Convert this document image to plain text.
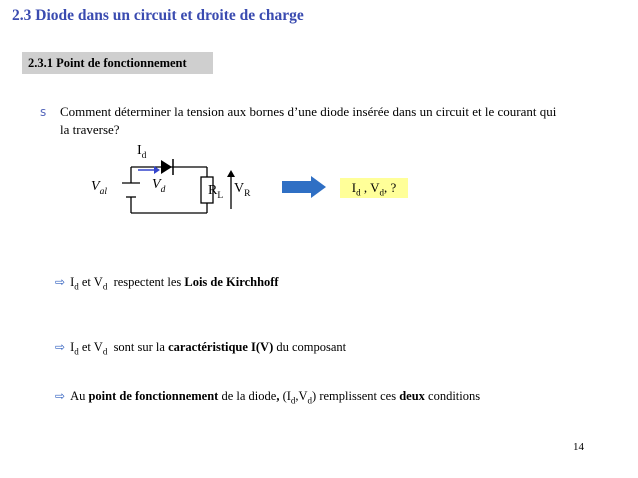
2.3 Diode dans un circuit et droite de charge
2.3.1 Point de fonctionnement
s Comment déterminer la tension aux bornes d’une diode insérée dans un circuit et le courant qui la traverse?
$I_d$
$V_{al}$	$V_d$	$R_L$ $V_R$	$I_d$ , $V_d$, ?
⇨ $I_d$ et $V_d$  respectent les Lois de Kirchhoff
⇨ $I_d$ et $V_d$  sont sur la caractéristique I(V) du composant
⇨ Au point de fonctionnement de la diode, $(I_d,V_d)$ remplissent ces deux conditions
14
